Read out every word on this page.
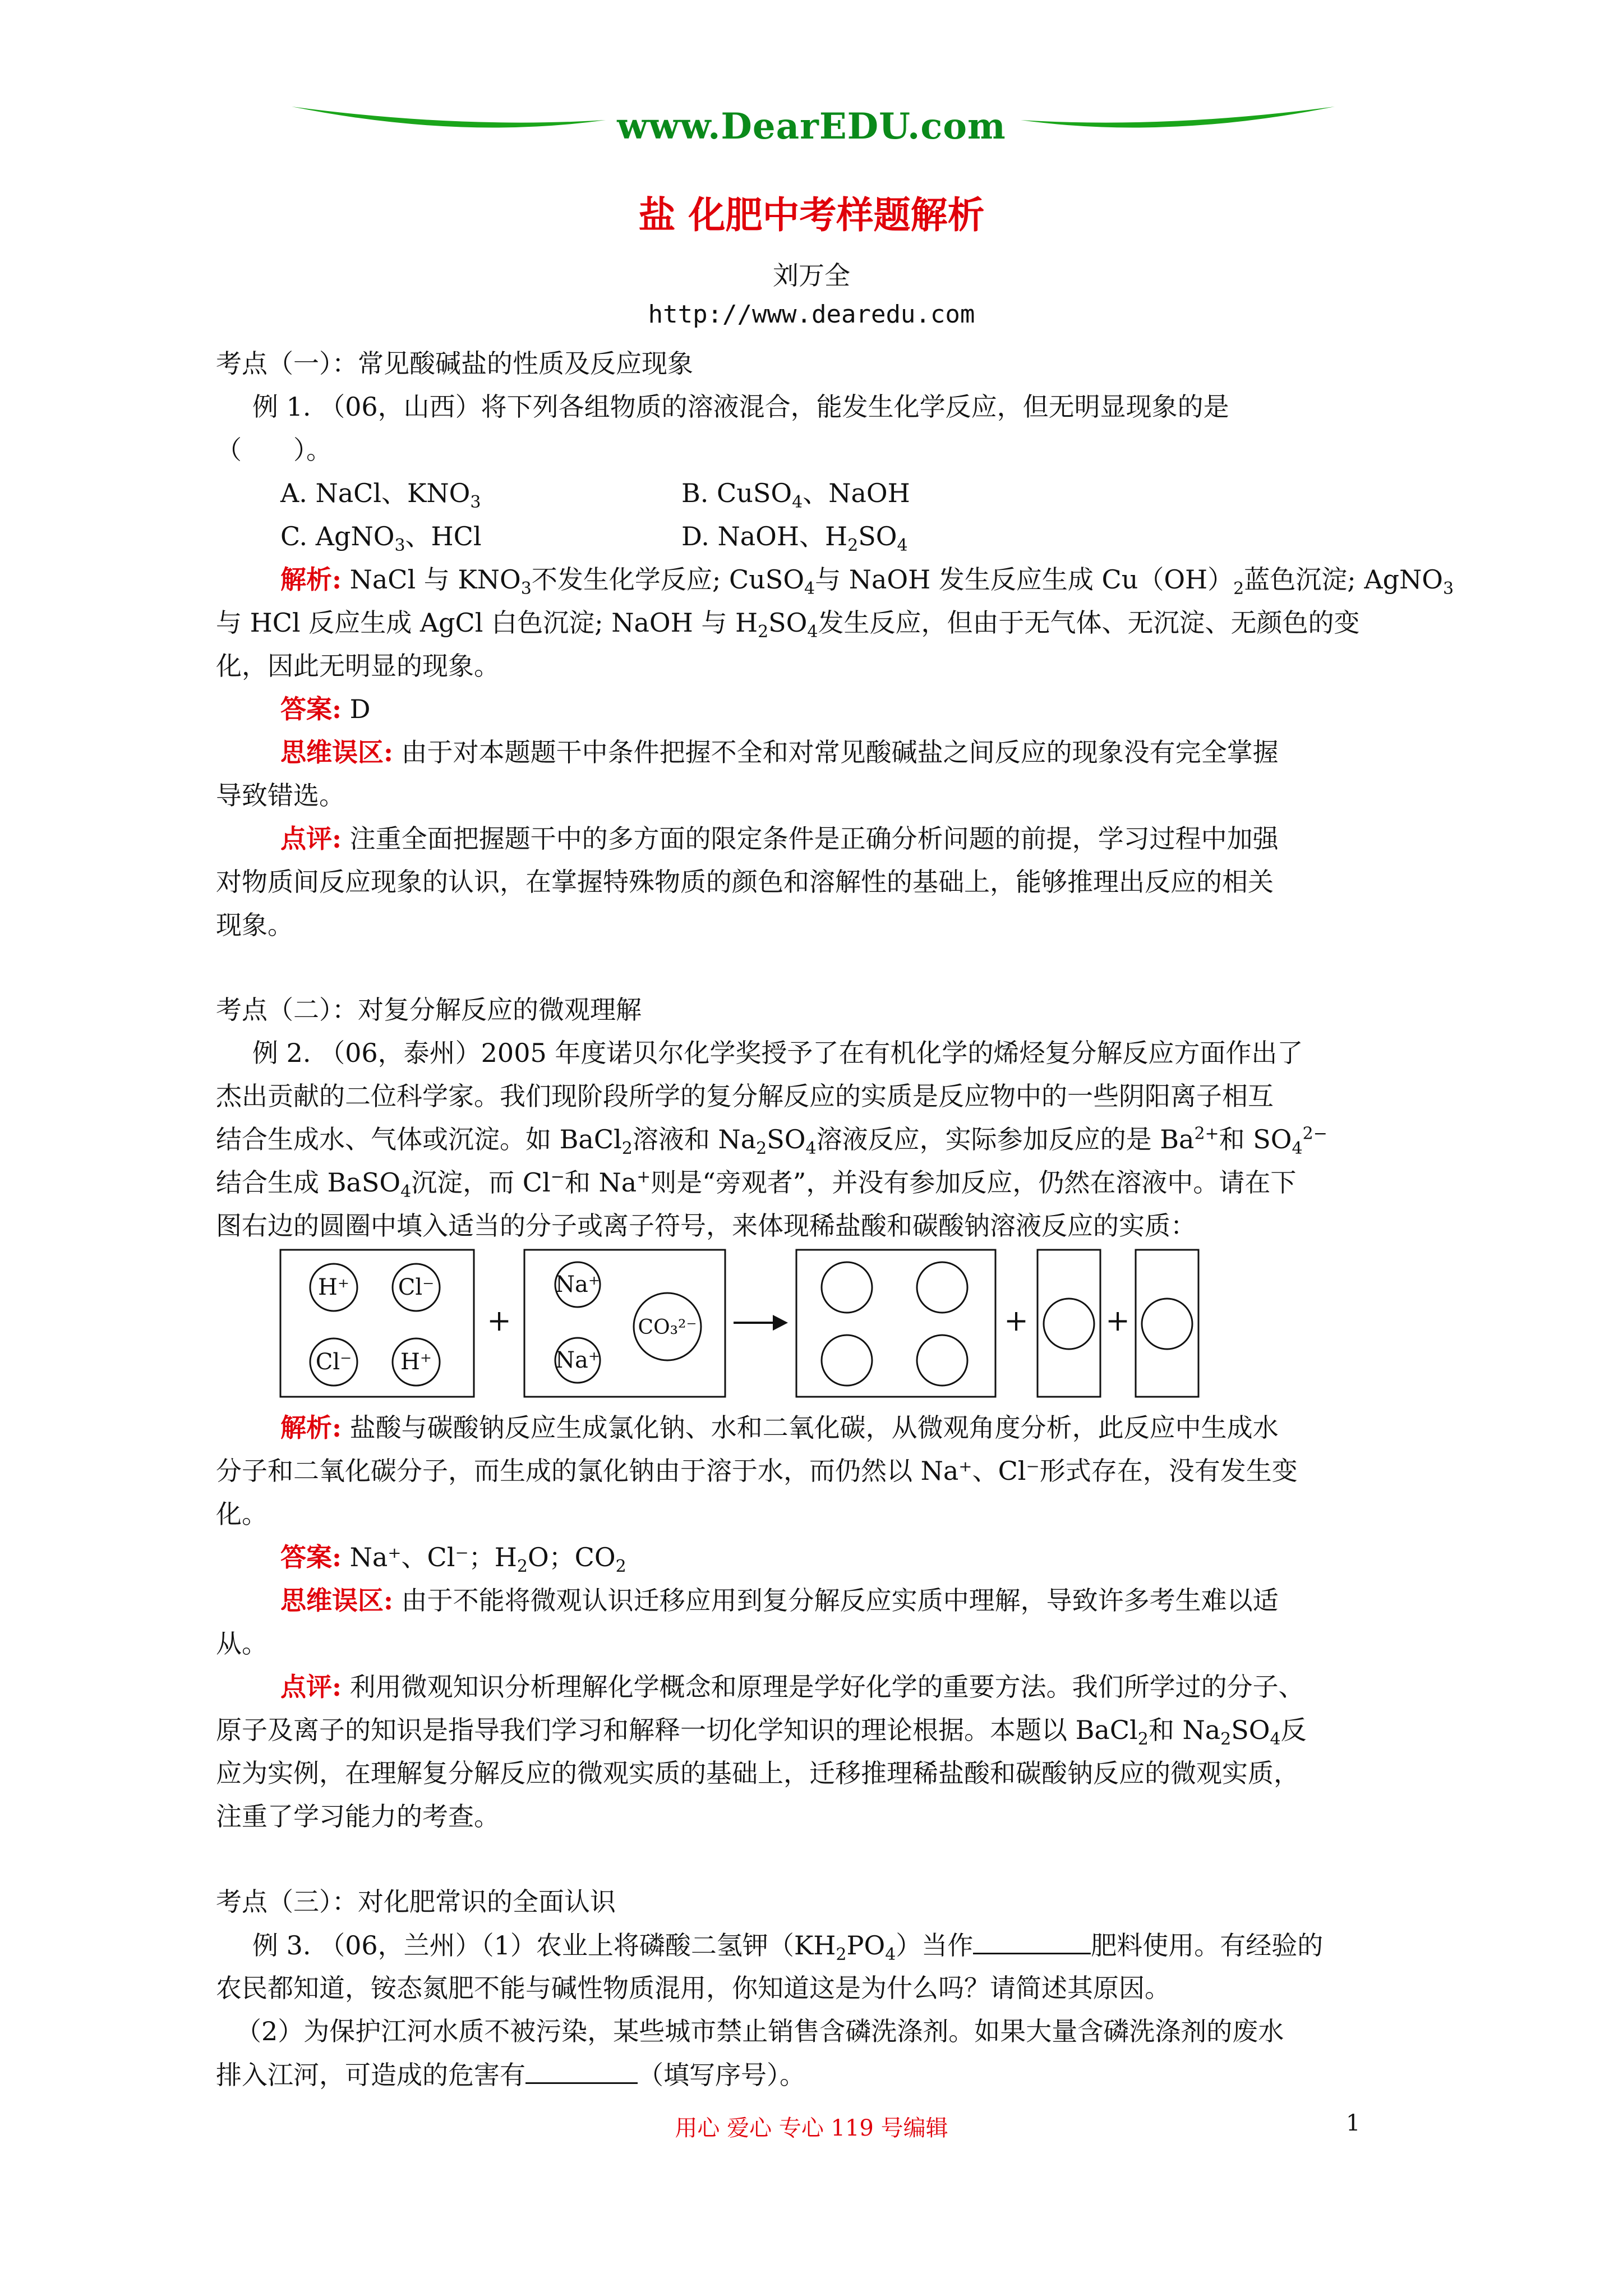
www.DearEDU.com
盐 化肥中考样题解析
刘万全
http://www.dearedu.com
考点（一）：常见酸碱盐的性质及反应现象
例 1. （06，山西）将下列各组物质的溶液混合，能发生化学反应，但无明显现象的是
（　　）。
A. NaCl、$KNO_3$	B. CuSO$_4$、NaOH
C. AgNO$_3$、HCl	D. NaOH、$H_2SO_4$
解析: NaCl 与 $KNO_3$不发生化学反应; CuSO$_4$与 NaOH 发生反应生成 $Cu(OH)_2$蓝色沉淀; AgNO$_3$
与 HCl 反应生成 AgCl 白色沉淀; NaOH 与 $H_2SO_4$发生反应，但由于无气体、无沉淀、无颜色的变
化，因此无明显的现象。
答案: D
思维误区: 由于对本题题干中条件把握不全和对常见酸碱盐之间反应的现象没有完全掌握
导致错选。
点评: 注重全面把握题干中的多方面的限定条件是正确分析问题的前提，学习过程中加强
对物质间反应现象的认识，在掌握特殊物质的颜色和溶解性的基础上，能够推理出反应的相关
现象。
考点（二）：对复分解反应的微观理解
例 2. （06，泰州）2005 年度诺贝尔化学奖授予了在有机化学的烯烃复分解反应方面作出了
杰出贡献的二位科学家。我们现阶段所学的复分解反应的实质是反应物中的一些阴阳离子相互
结合生成水、气体或沉淀。如 BaCl$_2$溶液和 $Na_2SO_4$溶液反应，实际参加反应的是 $Ba^{2+}$和 $SO_4^{2-}$
结合生成 BaSO$_4$沉淀，而 Cl−和 Na+则是“旁观者”，并没有参加反应，仍然在溶液中。请在下
图右边的圆圈中填入适当的分子或离子符号，来体现稀盐酸和碳酸钠溶液反应的实质：
H⁺ Cl⁻
Cl⁻ H⁺
Na⁺
Na⁺
CO₃²⁻
+	+	+
解析: 盐酸与碳酸钠反应生成氯化钠、水和二氧化碳，从微观角度分析，此反应中生成水
分子和二氧化碳分子，而生成的氯化钠由于溶于水，而仍然以 Na⁺、Cl⁻形式存在，没有发生变
化。
答案: Na⁺、Cl⁻；$H_2O$；$CO_2$
思维误区: 由于不能将微观认识迁移应用到复分解反应实质中理解，导致许多考生难以适
从。
点评: 利用微观知识分析理解化学概念和原理是学好化学的重要方法。我们所学过的分子、
原子及离子的知识是指导我们学习和解释一切化学知识的理论根据。本题以 BaCl$_2$和 $Na_2SO_4$反
应为实例，在理解复分解反应的微观实质的基础上，迁移推理稀盐酸和碳酸钠反应的微观实质，
注重了学习能力的考查。
考点（三）：对化肥常识的全面认识
例 3. （06，兰州）（1）农业上将磷酸二氢钾$(KH_2PO_4)$当作	肥料使用。有经验的
农民都知道，铵态氮肥不能与碱性物质混用，你知道这是为什么吗？请简述其原因。
（2）为保护江河水质不被污染，某些城市禁止销售含磷洗涤剂。如果大量含磷洗涤剂的废水
排入江河，可造成的危害有	（填写序号）。
用心 爱心 专心 119 号编辑	1
